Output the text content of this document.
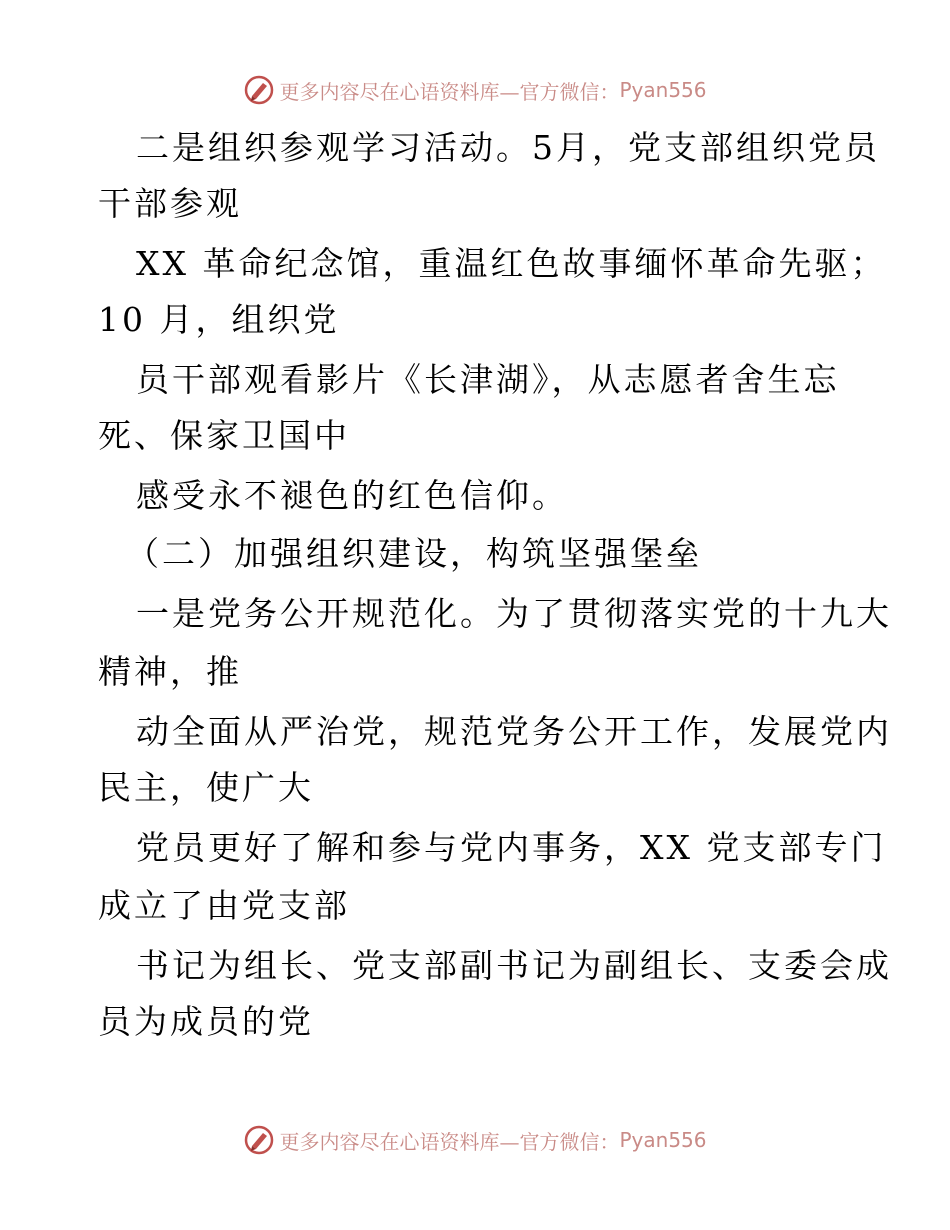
更多内容尽在心语资料库—官方微信： Pyan556
二是组织参观学习活动。5月，党支部组织党员
干部参观
XX 革命纪念馆，重温红色故事缅怀革命先驱；
10 月，组织党
员干部观看影片《长津湖》，从志愿者舍生忘
死、保家卫国中
感受永不褪色的红色信仰。
（二）加强组织建设，构筑坚强堡垒
一是党务公开规范化。为了贯彻落实党的十九大
精神，推
动全面从严治党，规范党务公开工作，发展党内
民主，使广大
党员更好了解和参与党内事务，XX 党支部专门
成立了由党支部
书记为组长、党支部副书记为副组长、支委会成
员为成员的党
更多内容尽在心语资料库—官方微信： Pyan556
